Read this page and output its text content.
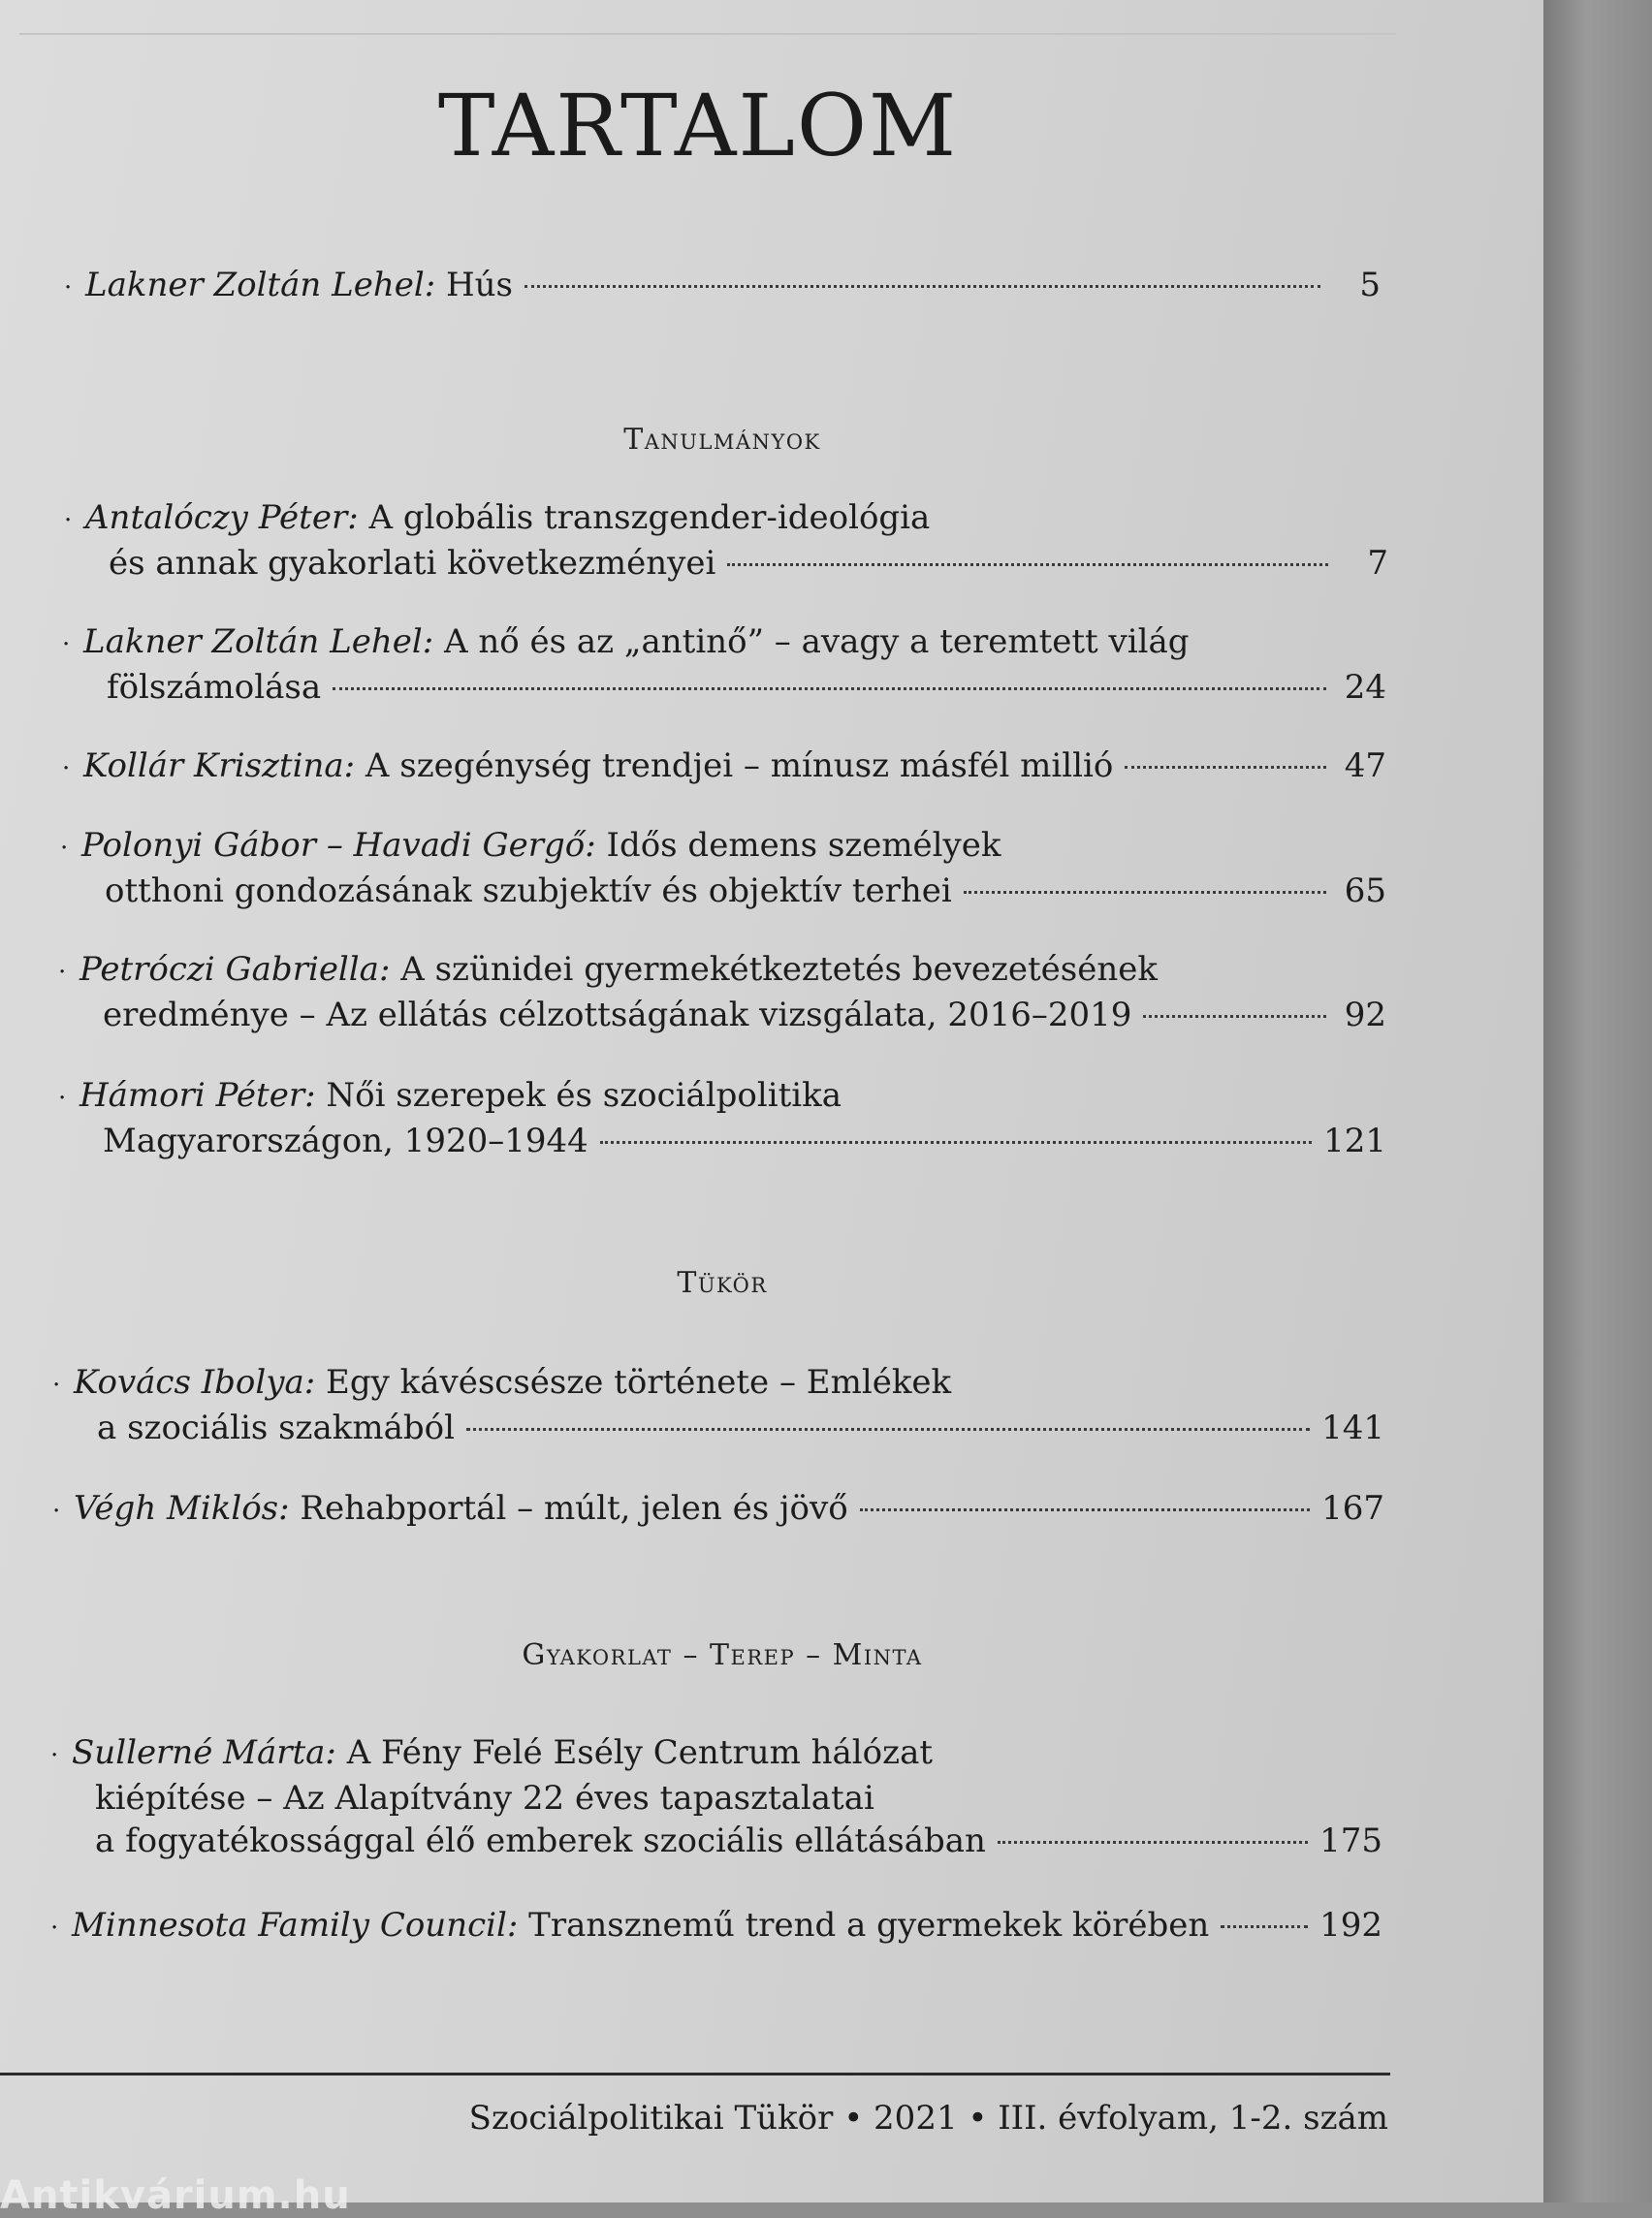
TARTALOM
· Lakner Zoltán Lehel:
Hús	5
Tanulmányok
· Antalóczy Péter:
A globális transzgender-ideológia
és annak gyakorlati következményei	7
· Lakner Zoltán Lehel:
A nő és az „antinő” – avagy a teremtett világ
fölszámolása	24
· Kollár Krisztina:
A szegénység trendjei – mínusz másfél millió	47
· Polonyi Gábor – Havadi Gergő:
Idős demens személyek
otthoni gondozásának szubjektív és objektív terhei	65
· Petróczi Gabriella:
A szünidei gyermekétkeztetés bevezetésének
eredménye – Az ellátás célzottságának vizsgálata, 2016–2019	92
· Hámori Péter:
Női szerepek és szociálpolitika
Magyarországon, 1920–1944	121
Tükör
· Kovács Ibolya:
Egy kávéscsésze története – Emlékek
a szociális szakmából	141
· Végh Miklós:
Rehabportál – múlt, jelen és jövő	167
Gyakorlat – Terep – Minta
· Sullerné Márta:
A Fény Felé Esély Centrum hálózat
kiépítése – Az Alapítvány 22 éves tapasztalatai
a fogyatékossággal élő emberek szociális ellátásában	175
· Minnesota Family Council:
Transznemű trend a gyermekek körében	192
Szociálpolitikai Tükör • 2021 • III. évfolyam, 1-2. szám
Antikvárium.hu
